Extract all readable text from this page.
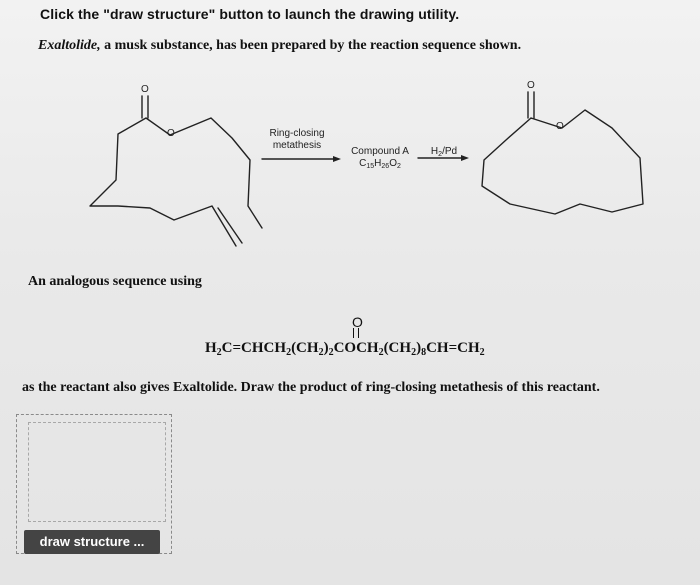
Click the "draw structure" button to launch the drawing utility.
Exaltolide, a musk substance, has been prepared by the reaction sequence shown.
O
O
O
O
Ring-closing
metathesis
Compound A
$C_{15}H_{26}O_2$
$H_2/Pd$
An analogous sequence using
O
$H_2C=CHCH_2(CH_2)_2COCH_2(CH_2)_8CH=CH_2$
as the reactant also gives Exaltolide. Draw the product of ring-closing metathesis of this reactant.
draw structure ...
